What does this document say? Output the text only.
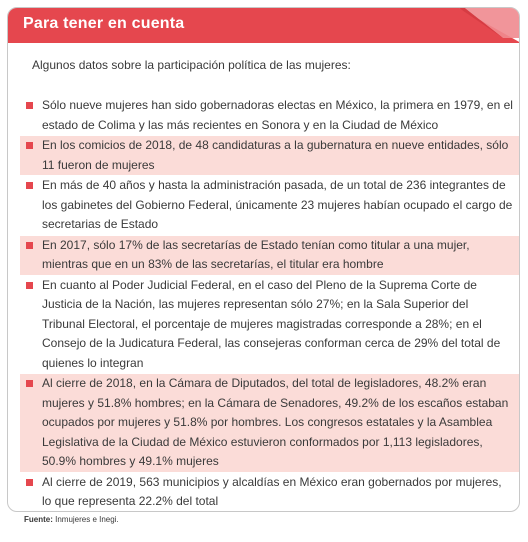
Para tener en cuenta
Algunos datos sobre la participación política de las mujeres:
Sólo nueve mujeres han sido gobernadoras electas en México, la primera en 1979, en el estado de Colima y las más recientes en Sonora y en la Ciudad de México
En los comicios de 2018, de 48 candidaturas a la gubernatura en nueve entidades, sólo 11 fueron de mujeres
En más de 40 años y hasta la administración pasada, de un total de 236 integrantes de los gabinetes del Gobierno Federal, únicamente 23 mujeres habían ocupado el cargo de secretarias de Estado
En 2017, sólo 17% de las secretarías de Estado tenían como titular a una mujer, mientras que en un 83% de las secretarías, el titular era hombre
En cuanto al Poder Judicial Federal, en el caso del Pleno de la Suprema Corte de Justicia de la Nación, las mujeres representan sólo 27%; en la Sala Superior del Tribunal Electoral, el porcentaje de mujeres magistradas corresponde a 28%; en el Consejo de la Judicatura Federal, las consejeras conforman cerca de 29% del total de quienes lo integran
Al cierre de 2018, en la Cámara de Diputados, del total de legisladores, 48.2% eran mujeres y 51.8% hombres; en la Cámara de Senadores, 49.2% de los escaños estaban ocupados por mujeres y 51.8% por hombres. Los congresos estatales y la Asamblea Legislativa de la Ciudad de México estuvieron conformados por 1,113 legisladores, 50.9% hombres y 49.1% mujeres
Al cierre de 2019, 563 municipios y alcaldías en México eran gobernados por mujeres, lo que representa 22.2% del total
Fuente: Inmujeres e Inegi.
